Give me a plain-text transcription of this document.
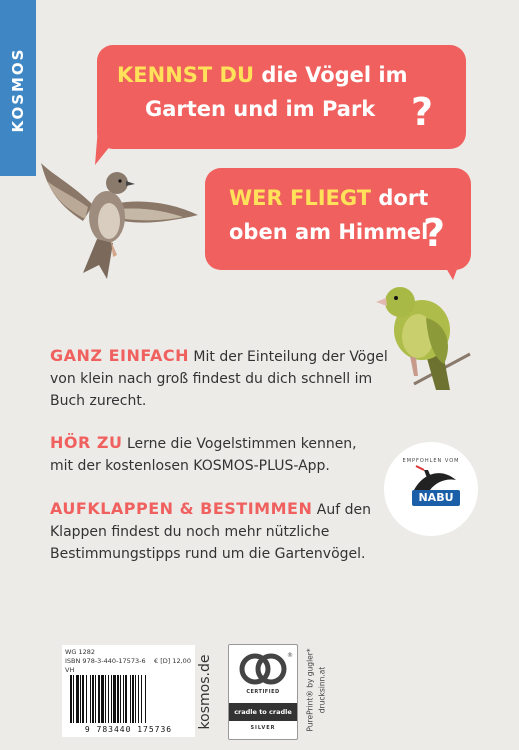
KOSMOS	KENNST DU die Vögel im
Garten und im Park ?
WER FLIEGT dort
oben am Himmel
?
GANZ EINFACH Mit der Einteilung der Vögel
von klein nach groß findest du dich schnell im
Buch zurecht.
HÖR ZU Lerne die Vogelstimmen kennen,
mit der kostenlosen KOSMOS-PLUS-App.
AUFKLAPPEN & BESTIMMEN Auf den
Klappen findest du noch mehr nützliche
Bestimmungstipps rund um die Gartenvögel.
EMPFOHLEN VOM
NABU
WG 1282
ISBN 978-3-440-17573-6 € [D] 12,00
VH
9 783440 175736
kosmos.de	®
CERTIFIED
cradle to cradle
SILVER	PurePrint® by gugler* drucksinn.at
